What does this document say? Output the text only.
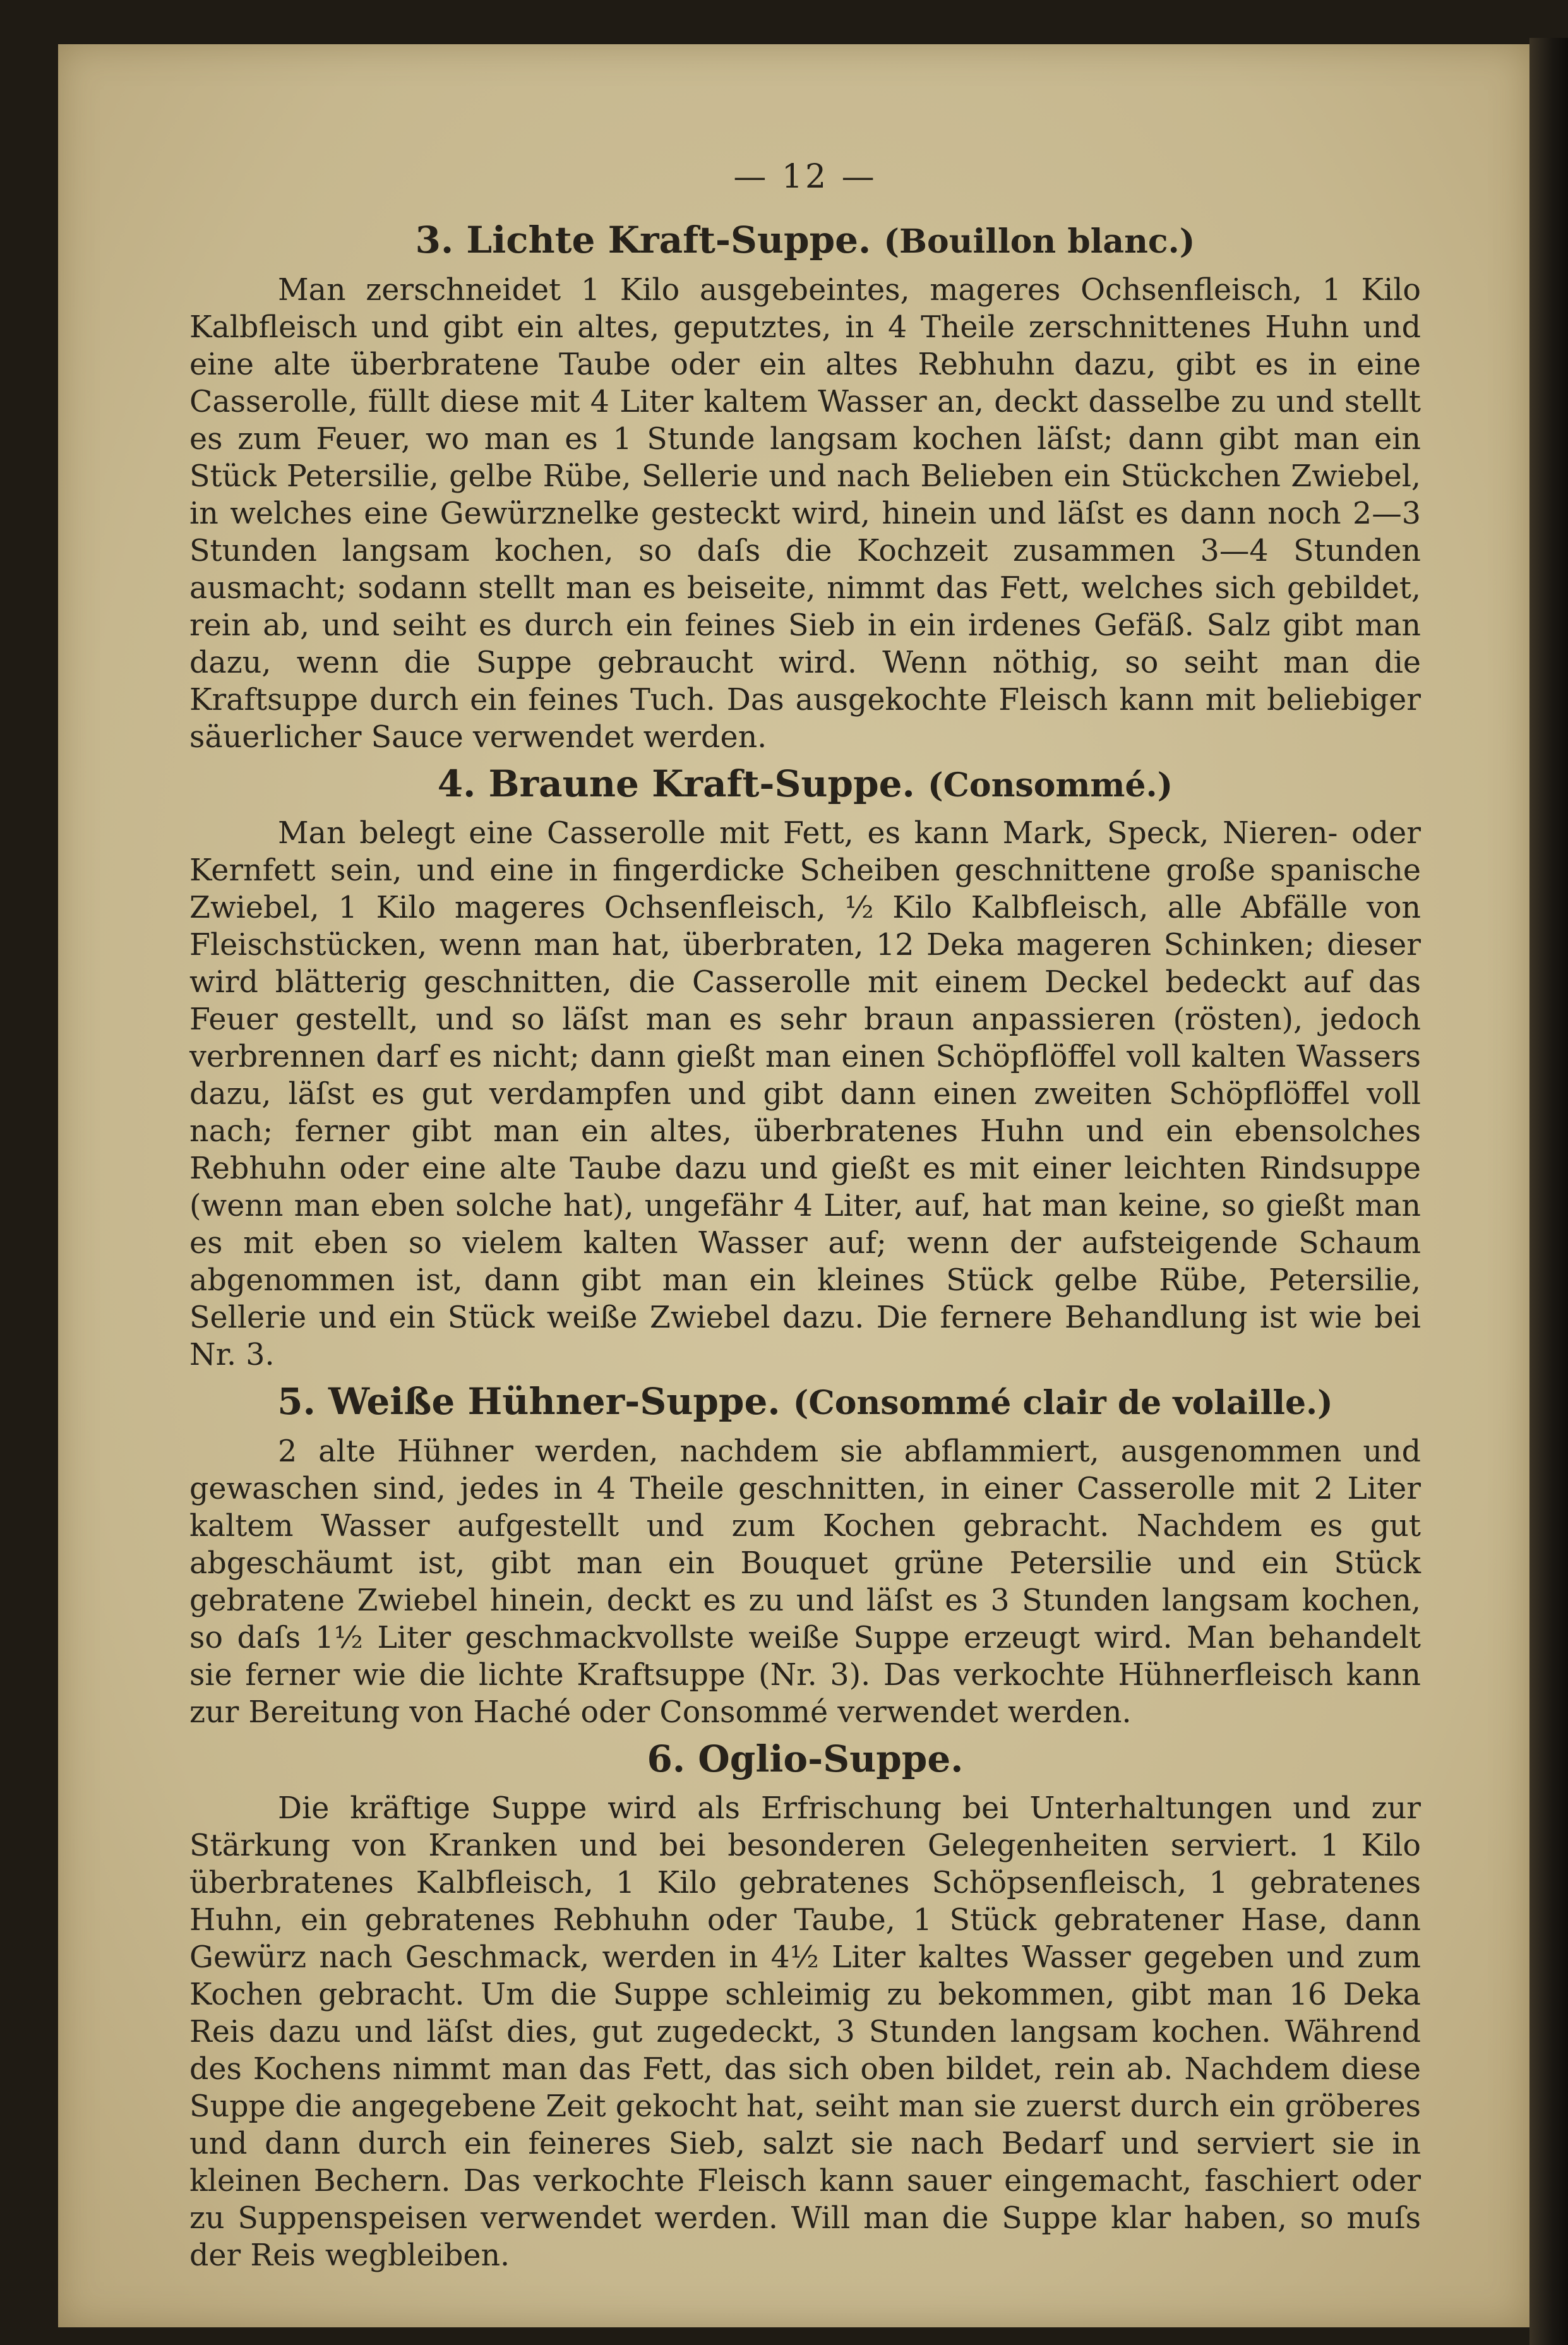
— 12 —
3. Lichte Kraft-Suppe. (Bouillon blanc.)

Man zerschneidet 1 Kilo ausgebeintes, mageres Ochsenfleisch, 1 Kilo Kalbfleisch und gibt ein altes, geputztes, in 4 Theile zerschnittenes Huhn und eine alte überbratene Taube oder ein altes Rebhuhn dazu, gibt es in eine Casserolle, füllt diese mit 4 Liter kaltem Wasser an, deckt dasselbe zu und stellt es zum Feuer, wo man es 1 Stunde langsam kochen läſst; dann gibt man ein Stück Petersilie, gelbe Rübe, Sellerie und nach Belieben ein Stückchen Zwiebel, in welches eine Gewürznelke gesteckt wird, hinein und läſst es dann noch 2—3 Stunden langsam kochen, so daſs die Kochzeit zusammen 3—4 Stunden ausmacht; sodann stellt man es beiseite, nimmt das Fett, welches sich gebildet, rein ab, und seiht es durch ein feines Sieb in ein irdenes Gefäß. Salz gibt man dazu, wenn die Suppe gebraucht wird. Wenn nöthig, so seiht man die Kraftsuppe durch ein feines Tuch. Das ausgekochte Fleisch kann mit beliebiger säuerlicher Sauce verwendet werden.

4. Braune Kraft-Suppe. (Consommé.)

Man belegt eine Casserolle mit Fett, es kann Mark, Speck, Nieren- oder Kernfett sein, und eine in fingerdicke Scheiben geschnittene große spanische Zwiebel, 1 Kilo mageres Ochsenfleisch, ½ Kilo Kalbfleisch, alle Abfälle von Fleischstücken, wenn man hat, überbraten, 12 Deka mageren Schinken; dieser wird blätterig geschnitten, die Casserolle mit einem Deckel bedeckt auf das Feuer gestellt, und so läſst man es sehr braun anpassieren (rösten), jedoch verbrennen darf es nicht; dann gießt man einen Schöpflöffel voll kalten Wassers dazu, läſst es gut verdampfen und gibt dann einen zweiten Schöpflöffel voll nach; ferner gibt man ein altes, überbratenes Huhn und ein ebensolches Rebhuhn oder eine alte Taube dazu und gießt es mit einer leichten Rindsuppe (wenn man eben solche hat), ungefähr 4 Liter, auf, hat man keine, so gießt man es mit eben so vielem kalten Wasser auf; wenn der aufsteigende Schaum abgenommen ist, dann gibt man ein kleines Stück gelbe Rübe, Petersilie, Sellerie und ein Stück weiße Zwiebel dazu. Die fernere Behandlung ist wie bei Nr. 3.

5. Weiße Hühner-Suppe. (Consommé clair de volaille.)

2 alte Hühner werden, nachdem sie abflammiert, ausgenommen und gewaschen sind, jedes in 4 Theile geschnitten, in einer Casserolle mit 2 Liter kaltem Wasser aufgestellt und zum Kochen gebracht. Nachdem es gut abgeschäumt ist, gibt man ein Bouquet grüne Petersilie und ein Stück gebratene Zwiebel hinein, deckt es zu und läſst es 3 Stunden langsam kochen, so daſs 1½ Liter geschmackvollste weiße Suppe erzeugt wird. Man behandelt sie ferner wie die lichte Kraftsuppe (Nr. 3). Das verkochte Hühnerfleisch kann zur Bereitung von Haché oder Consommé verwendet werden.

6. Oglio-Suppe.

Die kräftige Suppe wird als Erfrischung bei Unterhaltungen und zur Stärkung von Kranken und bei besonderen Gelegenheiten serviert. 1 Kilo überbratenes Kalbfleisch, 1 Kilo gebratenes Schöpsenfleisch, 1 gebratenes Huhn, ein gebratenes Rebhuhn oder Taube, 1 Stück gebratener Hase, dann Gewürz nach Geschmack, werden in 4½ Liter kaltes Wasser gegeben und zum Kochen gebracht. Um die Suppe schleimig zu bekommen, gibt man 16 Deka Reis dazu und läſst dies, gut zugedeckt, 3 Stunden langsam kochen. Während des Kochens nimmt man das Fett, das sich oben bildet, rein ab. Nachdem diese Suppe die angegebene Zeit gekocht hat, seiht man sie zuerst durch ein gröberes und dann durch ein feineres Sieb, salzt sie nach Bedarf und serviert sie in kleinen Bechern. Das verkochte Fleisch kann sauer eingemacht, faschiert oder zu Suppenspeisen verwendet werden. Will man die Suppe klar haben, so muſs der Reis wegbleiben.
